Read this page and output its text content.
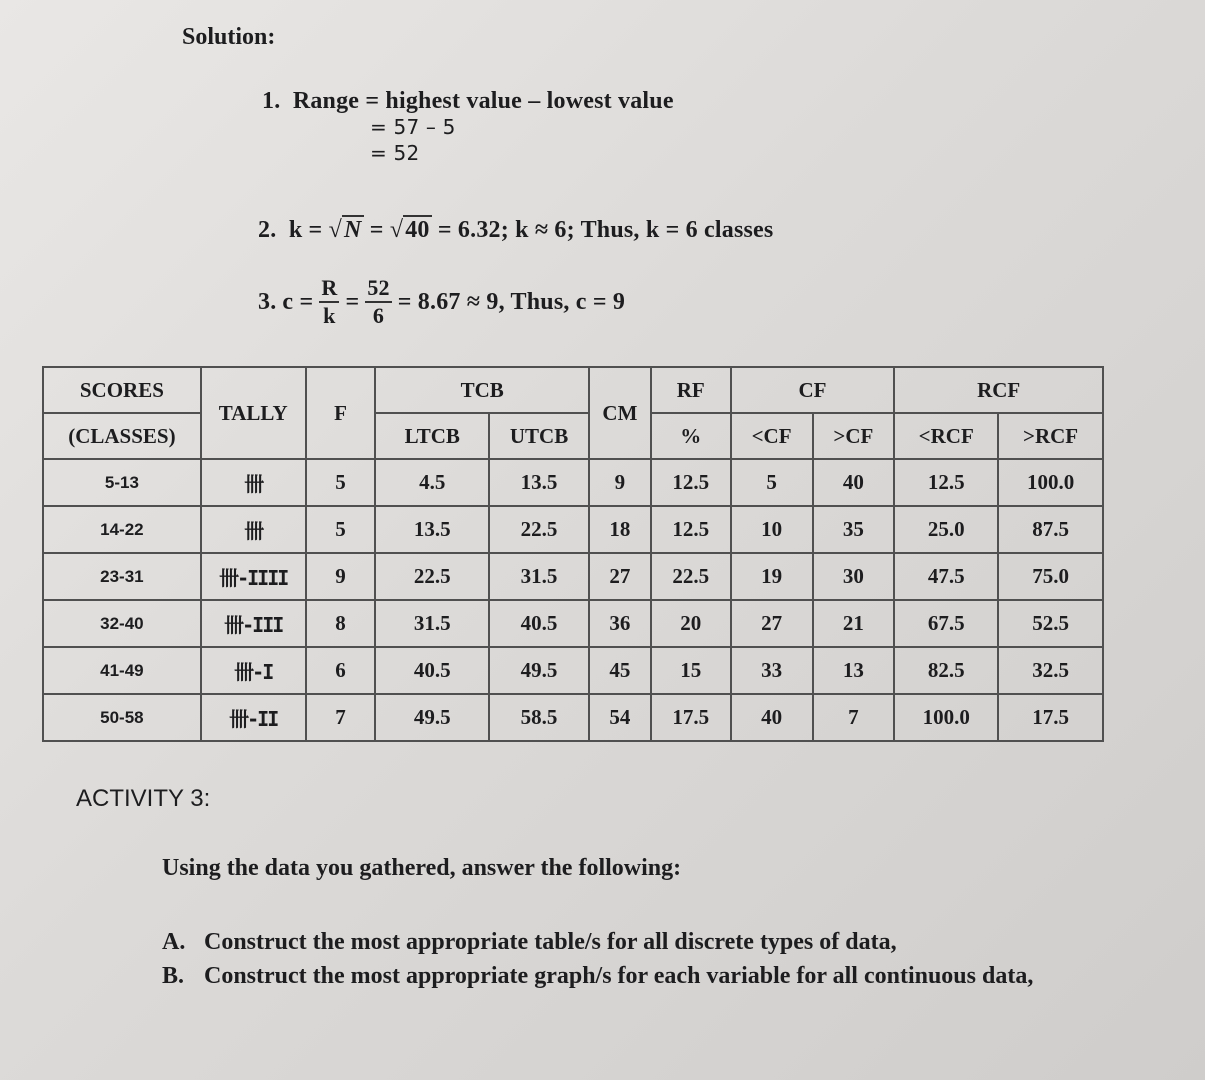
Solution:
1. Range = highest value – lowest value
= 57 – 5
= 52
2. k = √N = √40 = 6.32; k ≈ 6; Thus, k = 6 classes
3. $c = \frac{R}{k} = \frac{52}{6} = 8.67 \approx 9$, Thus, c = 9
SCORES	TALLY	F	TCB		CM	RF	CF		RCF	
(CLASSES)			LTCB	UTCB		%	<CF	>CF	<RCF	>RCF
5-13	卌	5	4.5	13.5	9	12.5	5	40	12.5	100.0
14-22	卌	5	13.5	22.5	18	12.5	10	35	25.0	87.5
23-31	卌-IIII	9	22.5	31.5	27	22.5	19	30	47.5	75.0
32-40	卌-III	8	31.5	40.5	36	20	27	21	67.5	52.5
41-49	卌-I	6	40.5	49.5	45	15	33	13	82.5	32.5
50-58	卌-II	7	49.5	58.5	54	17.5	40	7	100.0	17.5
ACTIVITY 3:
Using the data you gathered, answer the following:
A. Construct the most appropriate table/s for all discrete types of data,
B. Construct the most appropriate graph/s for each variable for all continuous data,
